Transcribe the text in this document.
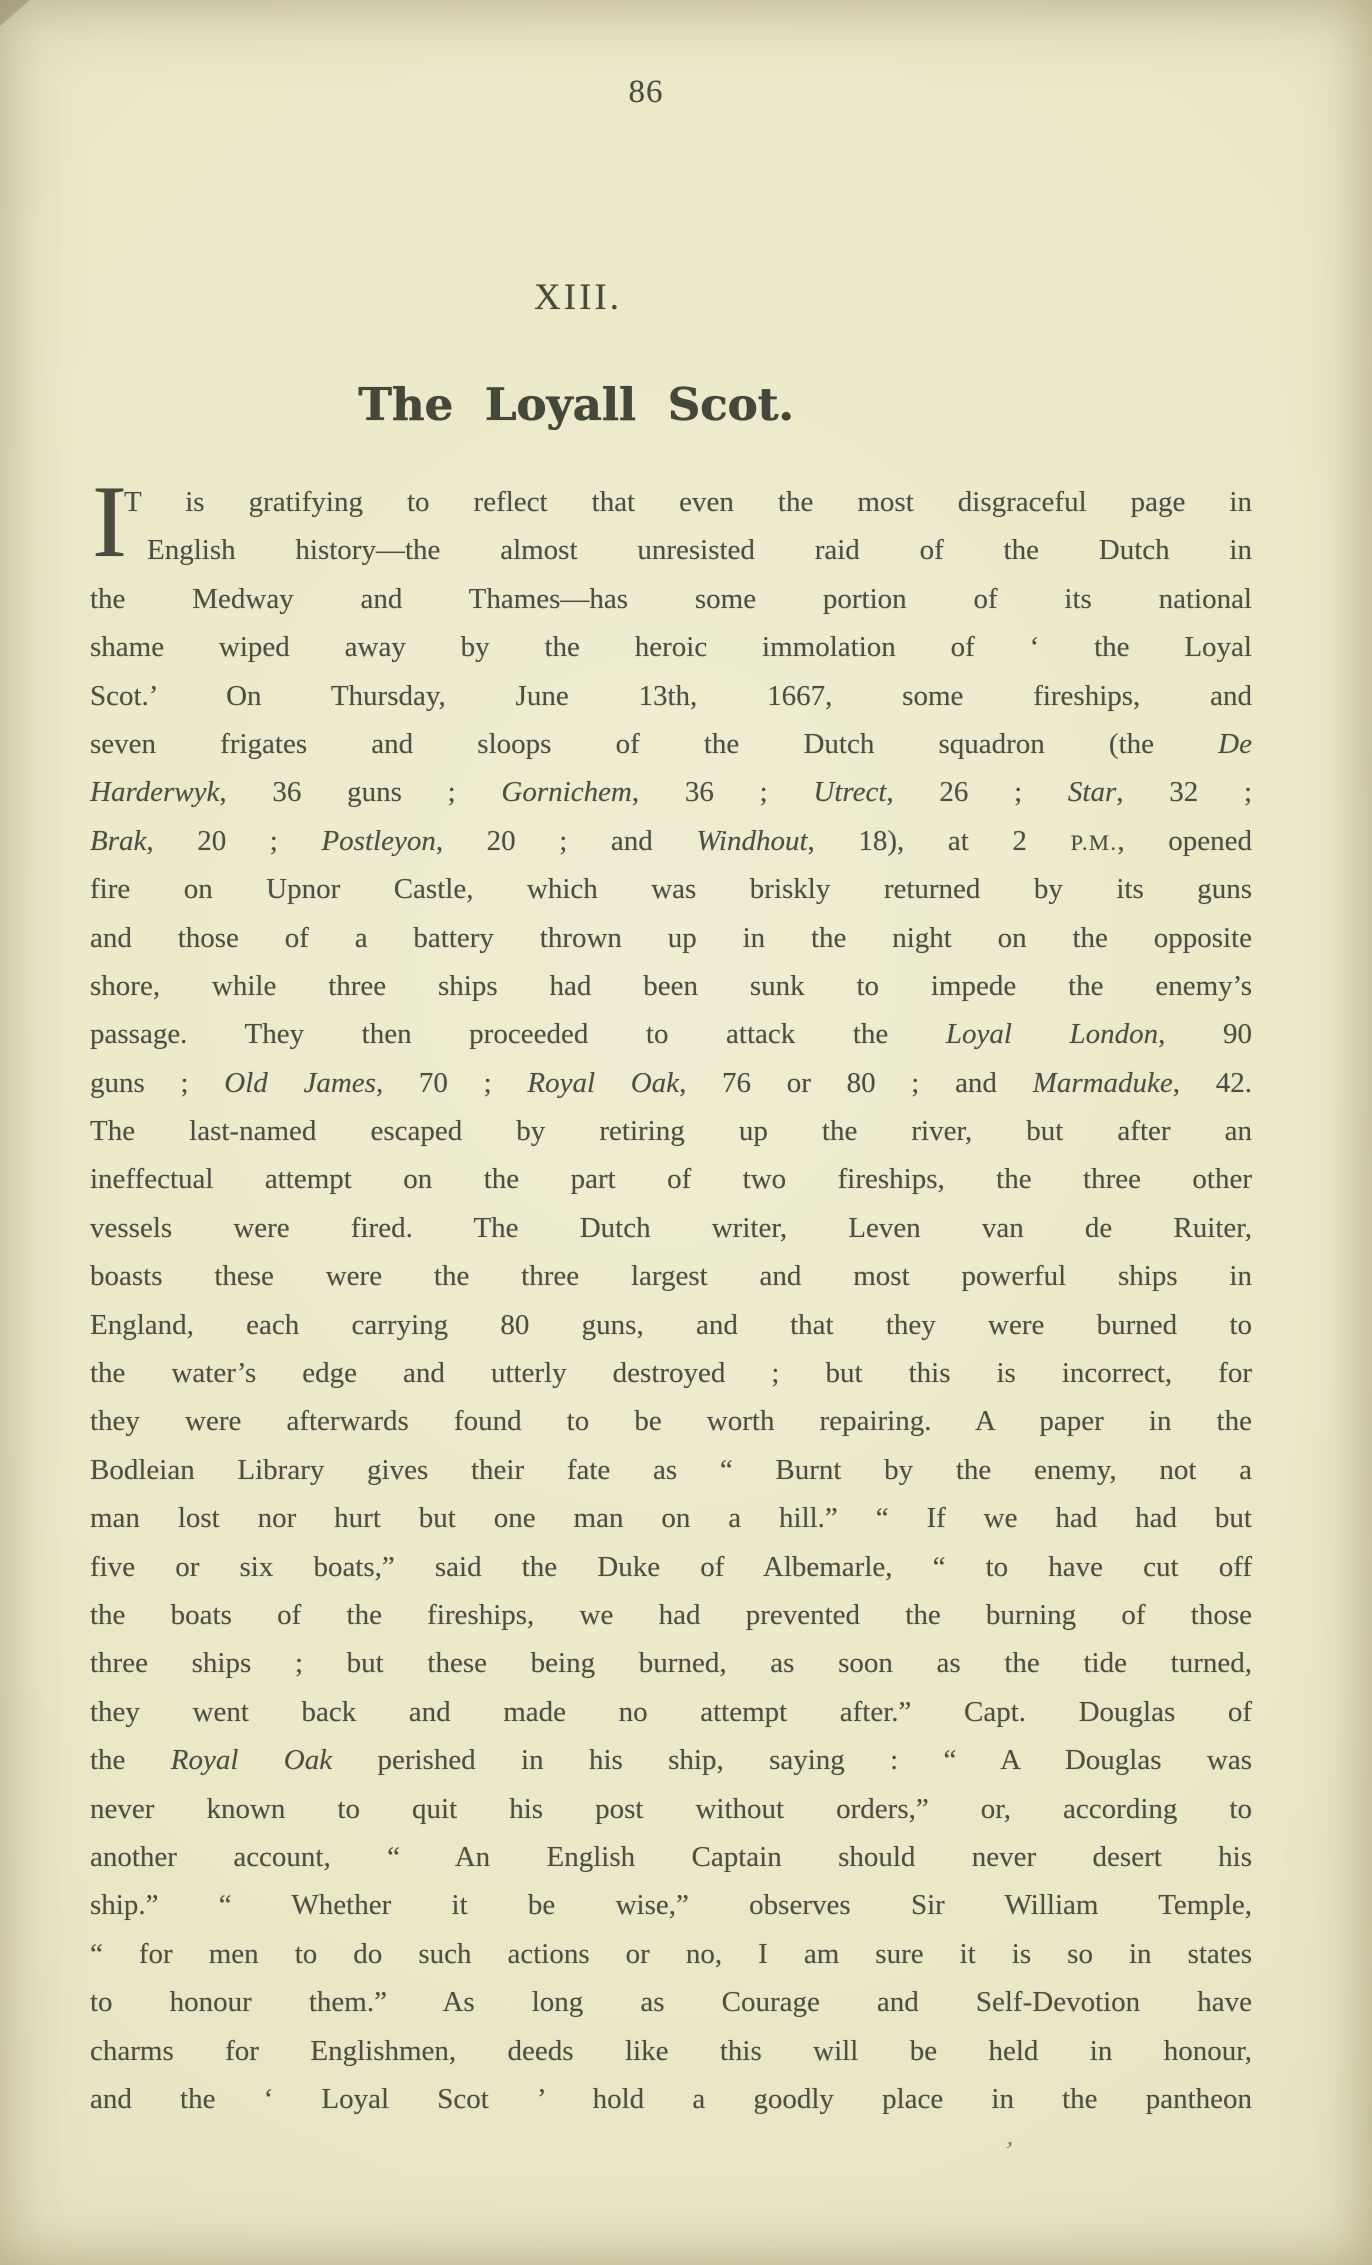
86
XIII.
The Loyall Scot.
I
T is gratifying to reflect that even the most disgraceful page in
English history—the almost unresisted raid of the Dutch in
the Medway and Thames—has some portion of its national
shame wiped away by the heroic immolation of ‘ the Loyal
Scot.’ On Thursday, June 13th, 1667, some fireships, and
seven frigates and sloops of the Dutch squadron (the De
Harderwyk, 36 guns ; Gornichem, 36 ; Utrect, 26 ; Star, 32 ;
Brak, 20 ; Postleyon, 20 ; and Windhout, 18), at 2 P.M., opened
fire on Upnor Castle, which was briskly returned by its guns
and those of a battery thrown up in the night on the opposite
shore, while three ships had been sunk to impede the enemy’s
passage. They then proceeded to attack the Loyal London, 90
guns ; Old James, 70 ; Royal Oak, 76 or 80 ; and Marmaduke, 42.
The last-named escaped by retiring up the river, but after an
ineffectual attempt on the part of two fireships, the three other
vessels were fired. The Dutch writer, Leven van de Ruiter,
boasts these were the three largest and most powerful ships in
England, each carrying 80 guns, and that they were burned to
the water’s edge and utterly destroyed ; but this is incorrect, for
they were afterwards found to be worth repairing. A paper in the
Bodleian Library gives their fate as “ Burnt by the enemy, not a
man lost nor hurt but one man on a hill.” “ If we had had but
five or six boats,” said the Duke of Albemarle, “ to have cut off
the boats of the fireships, we had prevented the burning of those
three ships ; but these being burned, as soon as the tide turned,
they went back and made no attempt after.” Capt. Douglas of
the Royal Oak perished in his ship, saying : “ A Douglas was
never known to quit his post without orders,” or, according to
another account, “ An English Captain should never desert his
ship.” “ Whether it be wise,” observes Sir William Temple,
“ for men to do such actions or no, I am sure it is so in states
to honour them.” As long as Courage and Self-Devotion have
charms for Englishmen, deeds like this will be held in honour,
and the ‘ Loyal Scot ’ hold a goodly place in the pantheon
’
